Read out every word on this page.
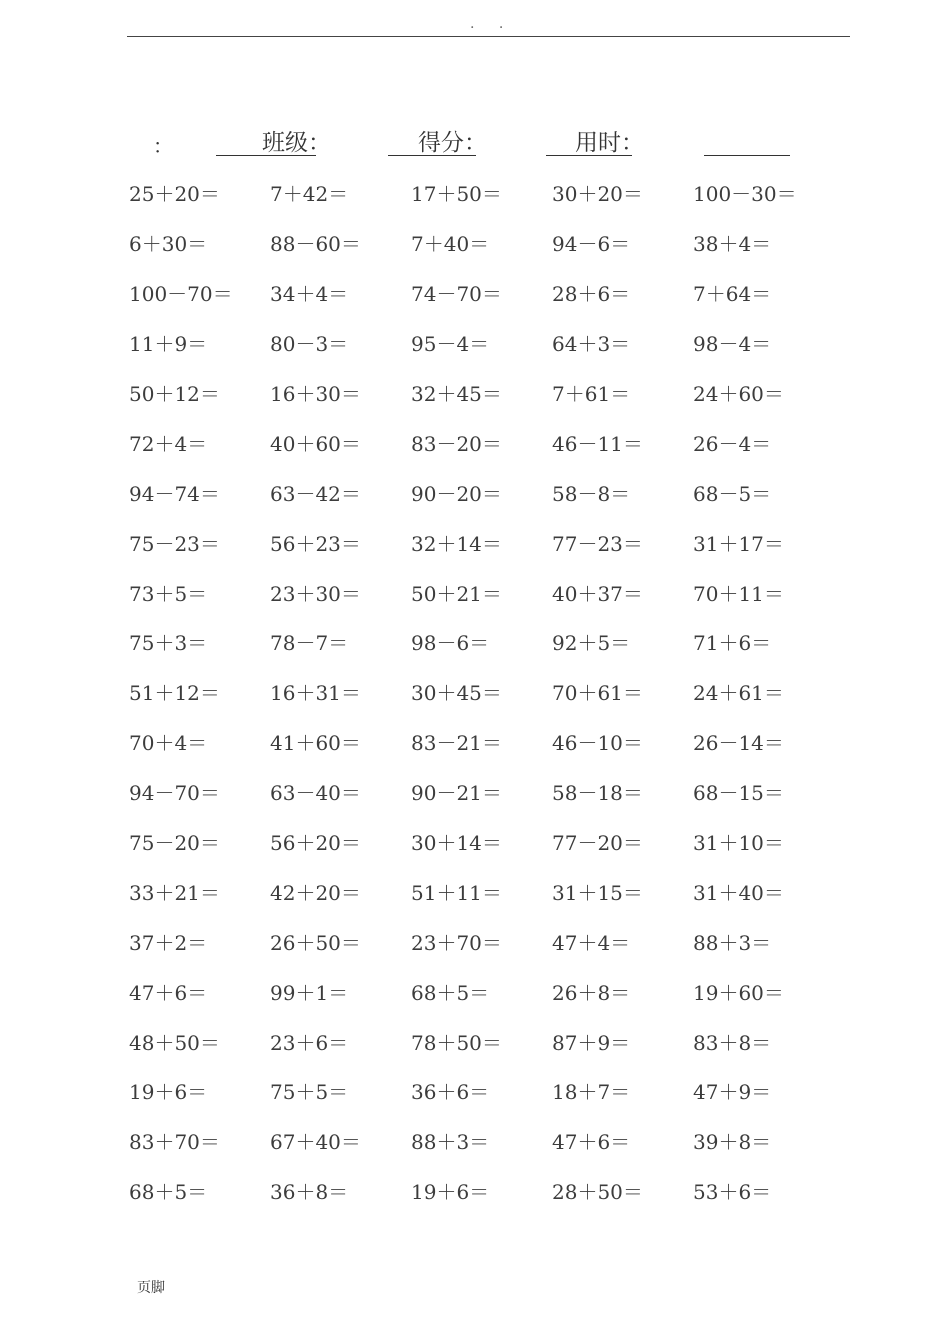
. .
：	班级：	得分：	用时：
25＋20＝	7＋42＝	17＋50＝	30＋20＝	100－30＝
6＋30＝	88－60＝	7＋40＝	94－6＝	38＋4＝
100－70＝	34＋4＝	74－70＝	28＋6＝	7＋64＝
11＋9＝	80－3＝	95－4＝	64＋3＝	98－4＝
50＋12＝	16＋30＝	32＋45＝	7＋61＝	24＋60＝
72＋4＝	40＋60＝	83－20＝	46－11＝	26－4＝
94－74＝	63－42＝	90－20＝	58－8＝	68－5＝
75－23＝	56＋23＝	32＋14＝	77－23＝	31＋17＝
73＋5＝	23＋30＝	50＋21＝	40＋37＝	70＋11＝
75＋3＝	78－7＝	98－6＝	92＋5＝	71＋6＝
51＋12＝	16＋31＝	30＋45＝	70＋61＝	24＋61＝
70＋4＝	41＋60＝	83－21＝	46－10＝	26－14＝
94－70＝	63－40＝	90－21＝	58－18＝	68－15＝
75－20＝	56＋20＝	30＋14＝	77－20＝	31＋10＝
33＋21＝	42＋20＝	51＋11＝	31＋15＝	31＋40＝
37＋2＝	26＋50＝	23＋70＝	47＋4＝	88＋3＝
47＋6＝	99＋1＝	68＋5＝	26＋8＝	19＋60＝
48＋50＝	23＋6＝	78＋50＝	87＋9＝	83＋8＝
19＋6＝	75＋5＝	36＋6＝	18＋7＝	47＋9＝
83＋70＝	67＋40＝	88＋3＝	47＋6＝	39＋8＝
68＋5＝	36＋8＝	19＋6＝	28＋50＝	53＋6＝
页脚
